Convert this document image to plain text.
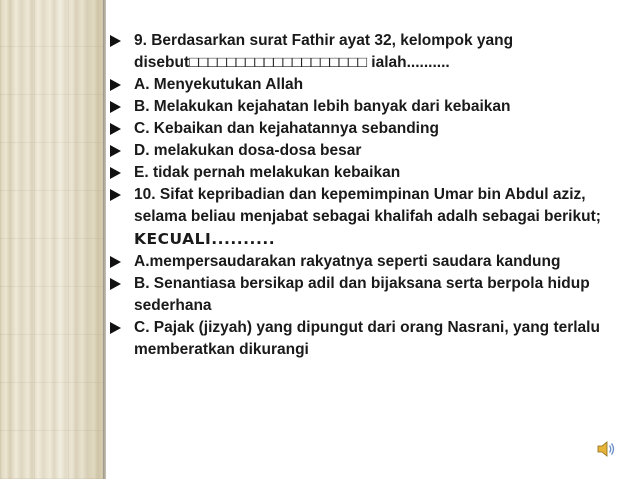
9. Berdasarkan surat Fathir ayat 32, kelompok yang disebut□□□□□□□□□□□□□□□□□□□ ialah..........
A. Menyekutukan Allah
B. Melakukan kejahatan lebih banyak dari kebaikan
C. Kebaikan dan kejahatannya sebanding
D. melakukan dosa-dosa besar
E. tidak pernah melakukan kebaikan
10. Sifat kepribadian dan kepemimpinan Umar bin Abdul aziz, selama beliau menjabat sebagai khalifah adalh sebagai berikut; KECUALI..........
A.mempersaudarakan rakyatnya seperti saudara kandung
B. Senantiasa bersikap adil dan bijaksana serta berpola hidup sederhana
C. Pajak (jizyah) yang dipungut dari orang Nasrani, yang terlalu memberatkan dikurangi
